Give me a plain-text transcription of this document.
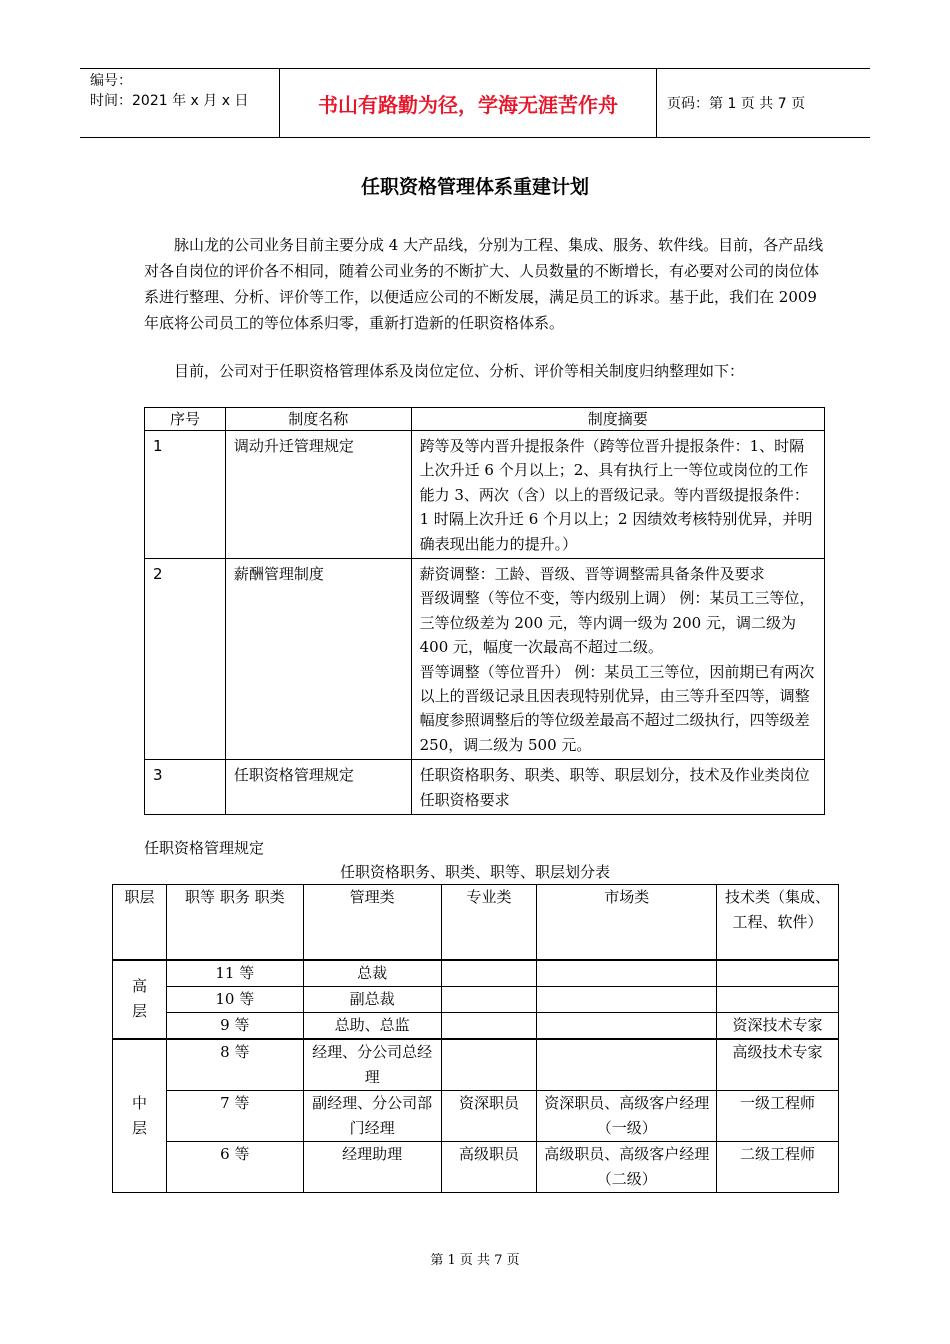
编号：
时间：2021 年 x 月 x 日	书山有路勤为径，学海无涯苦作舟	页码：第 1 页 共 7 页
任职资格管理体系重建计划

脉山龙的公司业务目前主要分成 4 大产品线，分别为工程、集成、服务、软件线。目前，各产品线对各自岗位的评价各不相同，随着公司业务的不断扩大、人员数量的不断增长，有必要对公司的岗位体系进行整理、分析、评价等工作，以便适应公司的不断发展，满足员工的诉求。基于此，我们在 2009 年底将公司员工的等位体系归零，重新打造新的任职资格体系。

目前，公司对于任职资格管理体系及岗位定位、分析、评价等相关制度归纳整理如下：

序号	制度名称	制度摘要
1	调动升迁管理规定	跨等及等内晋升提报条件（跨等位晋升提报条件：1、时隔上次升迁 6 个月以上；2、具有执行上一等位或岗位的工作能力 3、两次（含）以上的晋级记录。等内晋级提报条件：1 时隔上次升迁 6 个月以上；2 因绩效考核特别优异，并明确表现出能力的提升。）

2	薪酬管理制度	薪资调整：工龄、晋级、晋等调整需具备条件及要求
晋级调整（等位不变，等内级别上调） 例：某员工三等位，三等位级差为 200 元，等内调一级为 200 元，调二级为 400 元，幅度一次最高不超过二级。
晋等调整（等位晋升） 例：某员工三等位，因前期已有两次以上的晋级记录且因表现特别优异，由三等升至四等，调整幅度参照调整后的等位级差最高不超过二级执行，四等级差 250，调二级为 500 元。

3	任职资格管理规定	任职资格职务、职类、职等、职层划分，技术及作业类岗位任职资格要求
任职资格管理规定
任职资格职务、职类、职等、职层划分表
职层	职等 职务 职类	管理类	专业类	市场类	技术类（集成、工程、软件）
高
层	11 等	总裁			
	10 等	副总裁			
	9 等	总助、总监			资深技术专家
中
层	8 等	经理、分公司总经理			高级技术专家
	7 等	副经理、分公司部门经理	资深职员	资深职员、高级客户经理（一级）	一级工程师
	6 等	经理助理	高级职员	高级职员、高级客户经理（二级）	二级工程师
第 1 页 共 7 页
